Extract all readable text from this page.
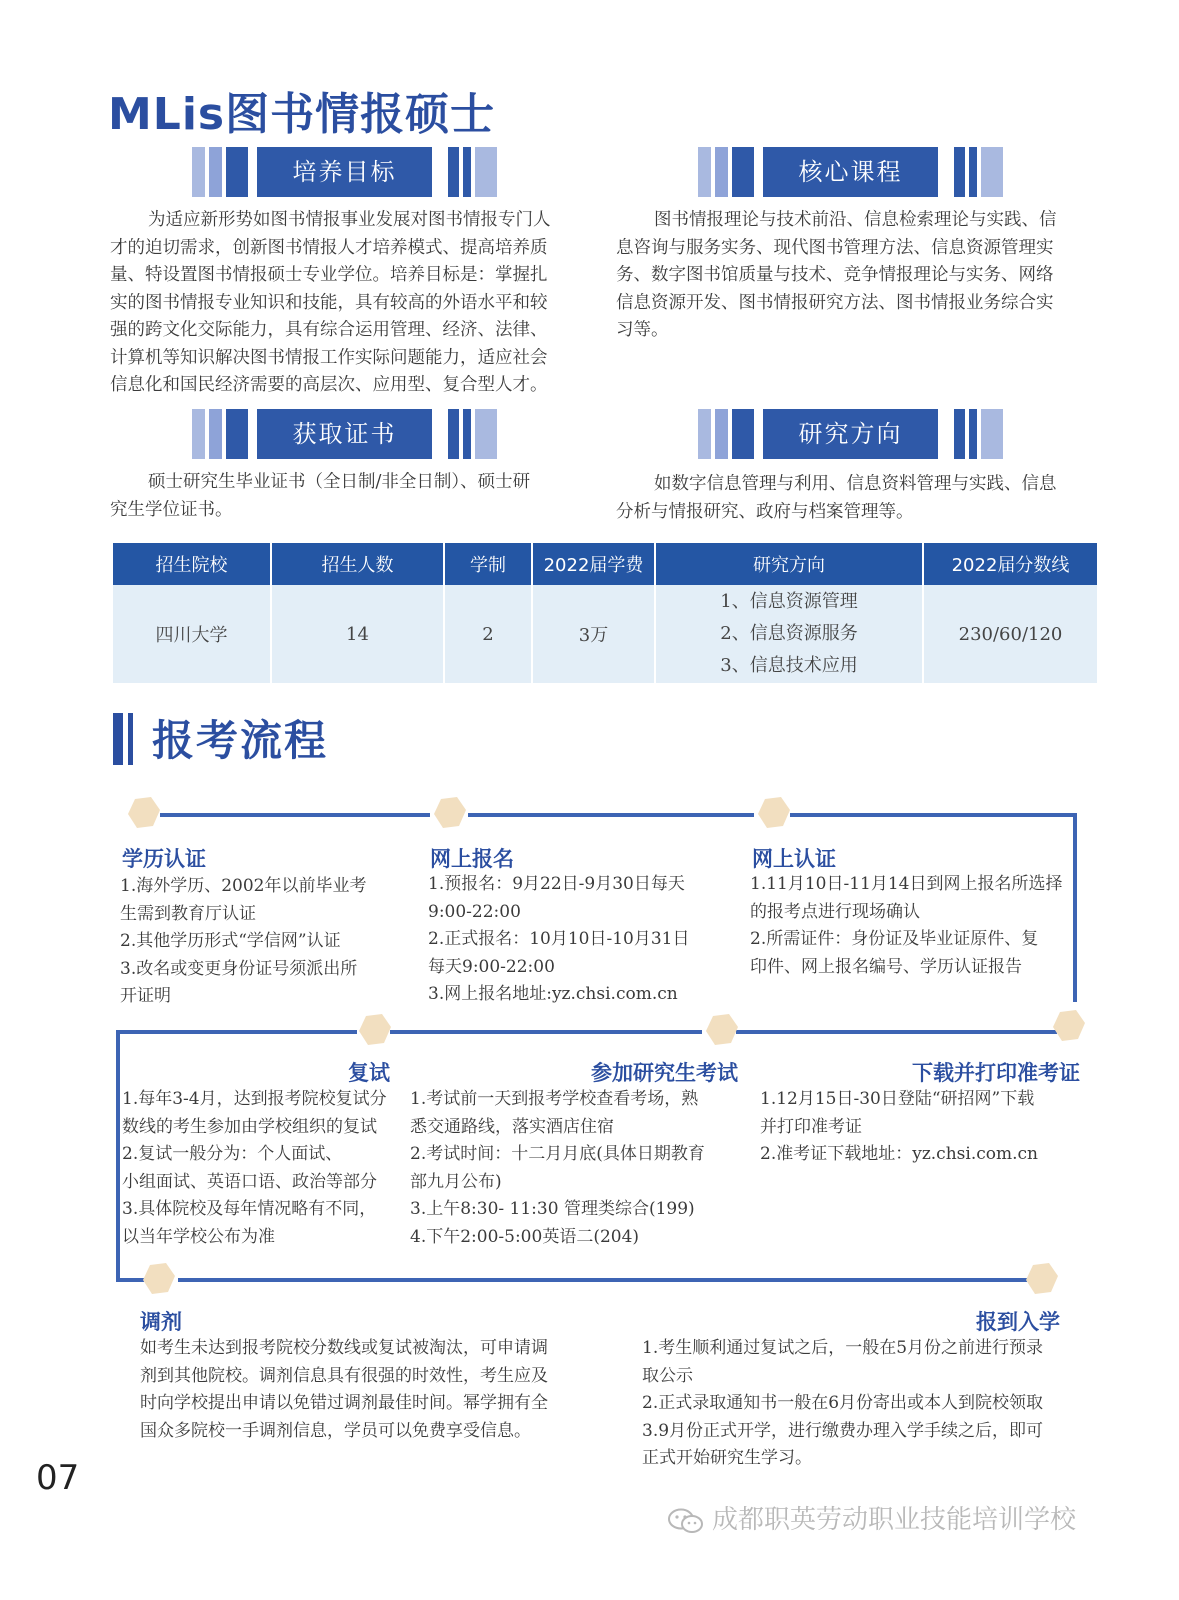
MLis图书情报硕士
培养目标	核心课程
获取证书	研究方向
为适应新形势如图书情报事业发展对图书情报专门人
才的迫切需求，创新图书情报人才培养模式、提高培养质
量、特设置图书情报硕士专业学位。培养目标是：掌握扎
实的图书情报专业知识和技能，具有较高的外语水平和较
强的跨文化交际能力，具有综合运用管理、经济、法律、
计算机等知识解决图书情报工作实际问题能力，适应社会
信息化和国民经济需要的高层次、应用型、复合型人才。
图书情报理论与技术前沿、信息检索理论与实践、信
息咨询与服务实务、现代图书管理方法、信息资源管理实
务、数字图书馆质量与技术、竞争情报理论与实务、网络
信息资源开发、图书情报研究方法、图书情报业务综合实
习等。
硕士研究生毕业证书（全日制/非全日制）、硕士研
究生学位证书。
如数字信息管理与利用、信息资料管理与实践、信息
分析与情报研究、政府与档案管理等。
招生院校	招生人数	学制	2022届学费	研究方向	2022届分数线
四川大学	14	2	3万	1、信息资源管理
2、信息资源服务
3、信息技术应用	230/60/120
报考流程
学历认证
1.海外学历、2002年以前毕业考
生需到教育厅认证
2.其他学历形式“学信网”认证
3.改名或变更身份证号须派出所
开证明
网上报名
1.预报名：9月22日-9月30日每天
9:00-22:00
2.正式报名：10月10日-10月31日
每天9:00-22:00
3.网上报名地址:yz.chsi.com.cn
网上认证
1.11月10日-11月14日到网上报名所选择
的报考点进行现场确认
2.所需证件：身份证及毕业证原件、复
印件、网上报名编号、学历认证报告
复试
1.每年3-4月，达到报考院校复试分
数线的考生参加由学校组织的复试
2.复试一般分为：个人面试、
小组面试、英语口语、政治等部分
3.具体院校及每年情况略有不同，
以当年学校公布为准
参加研究生考试
1.考试前一天到报考学校查看考场，熟
悉交通路线，落实酒店住宿
2.考试时间：十二月月底(具体日期教育
部九月公布)
3.上午8:30- 11:30 管理类综合(199)
4.下午2:00-5:00英语二(204)
下载并打印准考证
1.12月15日-30日登陆“研招网”下载
并打印准考证
2.准考证下载地址：yz.chsi.com.cn
调剂
如考生未达到报考院校分数线或复试被淘汰，可申请调
剂到其他院校。调剂信息具有很强的时效性，考生应及
时向学校提出申请以免错过调剂最佳时间。幂学拥有全
国众多院校一手调剂信息，学员可以免费享受信息。
报到入学
1.考生顺利通过复试之后，一般在5月份之前进行预录
取公示
2.正式录取通知书一般在6月份寄出或本人到院校领取
3.9月份正式开学，进行缴费办理入学手续之后，即可
正式开始研究生学习。
07
成都职英劳动职业技能培训学校
